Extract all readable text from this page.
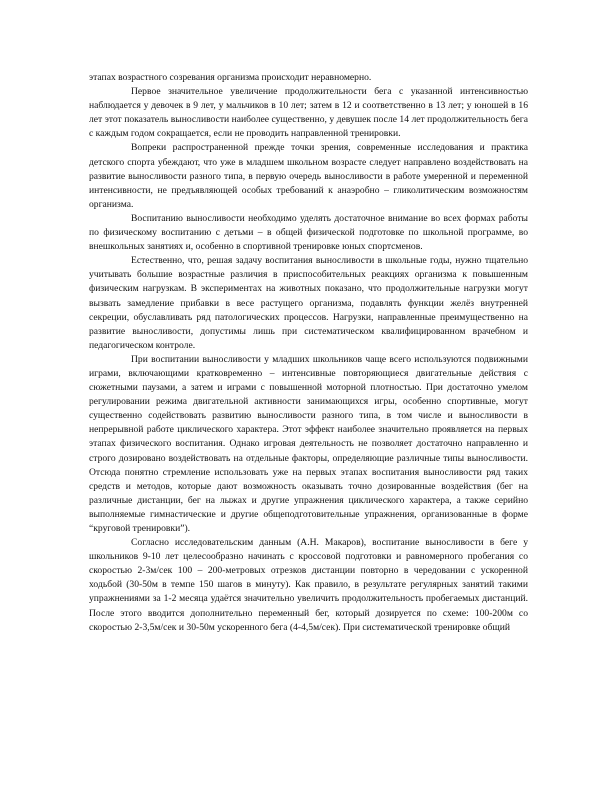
этапах возрастного созревания организма происходит неравномерно.

Первое значительное увеличение продолжительности бега с указанной интенсивностью наблюдается у девочек в 9 лет, у мальчиков в 10 лет; затем в 12 и соответственно в 13 лет; у юношей в 16 лет этот показатель выносливости наиболее существенно, у девушек после 14 лет продолжительность бега с каждым годом сокращается, если не проводить направленной тренировки.

Вопреки распространенной прежде точки зрения, современные исследования и практика детского спорта убеждают, что уже в младшем школьном возрасте следует направлено воздействовать на развитие выносливости разного типа, в первую очередь выносливости в работе умеренной и переменной интенсивности, не предъявляющей особых требований к анаэробно – гликолитическим возможностям организма.

Воспитанию выносливости необходимо уделять достаточное внимание во всех формах работы по физическому воспитанию с детьми – в общей физической подготовке по школьной программе, во внешкольных занятиях и, особенно в спортивной тренировке юных спортсменов.

Естественно, что, решая задачу воспитания выносливости в школьные годы, нужно тщательно учитывать большие возрастные различия в приспособительных реакциях организма к повышенным физическим нагрузкам. В экспериментах на животных показано, что продолжительные нагрузки могут вызвать замедление прибавки в весе растущего организма, подавлять функции желёз внутренней секреции, обуславливать ряд патологических процессов. Нагрузки, направленные преимущественно на развитие выносливости, допустимы лишь при систематическом квалифицированном врачебном и педагогическом контроле.

При воспитании выносливости у младших школьников чаще всего используются подвижными играми, включающими кратковременно – интенсивные повторяющиеся двигательные действия с сюжетными паузами, а затем и играми с повышенной моторной плотностью. При достаточно умелом регулировании режима двигательной активности занимающихся игры, особенно спортивные, могут существенно содействовать развитию выносливости разного типа, в том числе и выносливости в непрерывной работе циклического характера. Этот эффект наиболее значительно проявляется на первых этапах физического воспитания. Однако игровая деятельность не позволяет достаточно направленно и строго дозировано воздействовать на отдельные факторы, определяющие различные типы выносливости. Отсюда понятно стремление использовать уже на первых этапах воспитания выносливости ряд таких средств и методов, которые дают возможность оказывать точно дозированные воздействия (бег на различные дистанции, бег на лыжах и другие упражнения циклического характера, а также серийно выполняемые гимнастические и другие общеподготовительные упражнения, организованные в форме “круговой тренировки”).

Согласно исследовательским данным (А.Н. Макаров), воспитание выносливости в беге у школьников 9-10 лет целесообразно начинать с кроссовой подготовки и равномерного пробегания со скоростью 2-3м/сек 100 – 200-метровых отрезков дистанции повторно в чередовании с ускоренной ходьбой (30-50м в темпе 150 шагов в минуту). Как правило, в результате регулярных занятий такими упражнениями за 1-2 месяца удаётся значительно увеличить продолжительность пробегаемых дистанций. После этого вводится дополнительно переменный бег, который дозируется по схеме: 100-200м со скоростью 2-3,5м/сек и 30-50м ускоренного бега (4-4,5м/сек). При систематической тренировке общий
